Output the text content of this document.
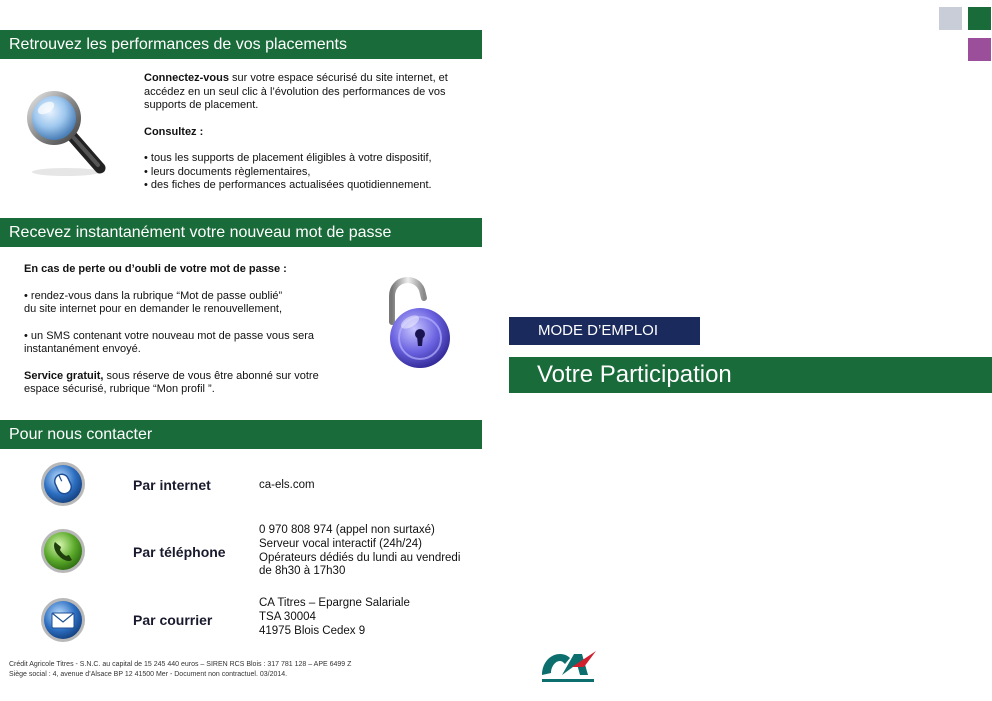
Retrouvez les performances de vos placements
Connectez-vous sur votre espace sécurisé du site internet, et accédez en un seul clic à l’évolution des performances de vos supports de placement.
Consultez :
• tous les supports de placement éligibles à votre dispositif,
• leurs documents règlementaires,
• des fiches de performances actualisées quotidiennement.
Recevez instantanément votre nouveau mot de passe
En cas de perte ou d’oubli de votre mot de passe :
• rendez-vous dans la rubrique “Mot de passe oublié”
du site internet pour en demander le renouvellement,
• un SMS contenant votre nouveau mot de passe vous sera instantanément envoyé.
Service gratuit, sous réserve de vous être abonné sur votre espace sécurisé, rubrique “Mon profil ”.
Pour nous contacter
Par internet	ca-els.com
Par téléphone
0 970 808 974 (appel non surtaxé)
Serveur vocal interactif (24h/24)
Opérateurs dédiés du lundi au vendredi
de 8h30 à 17h30
Par courrier
CA Titres – Epargne Salariale
TSA 30004
41975 Blois Cedex 9
Crédit Agricole Titres - S.N.C. au capital de 15 245 440 euros – SIREN RCS Blois : 317 781 128 – APE 6499 Z
Siège social : 4, avenue d’Alsace BP 12 41500 Mer - Document non contractuel. 03/2014.
MODE D’EMPLOI
Votre Participation
